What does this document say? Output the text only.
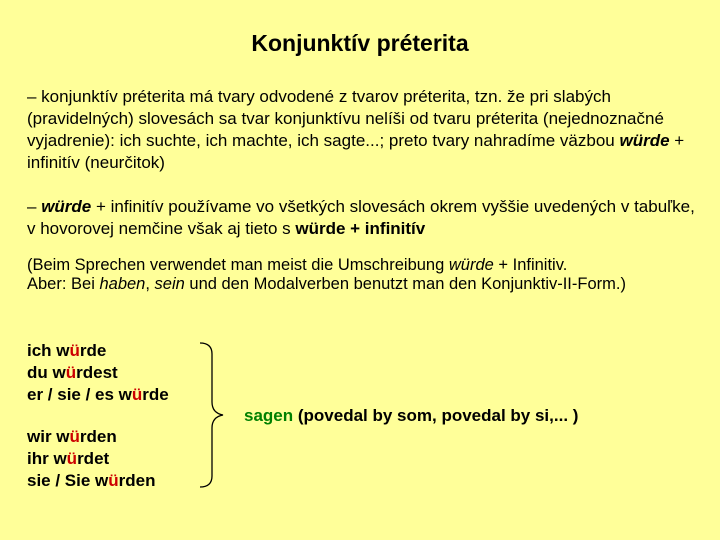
Konjunktív préterita
– konjunktív préterita má tvary odvodené z tvarov préterita, tzn. že pri slabých (pravidelných) slovesách sa tvar konjunktívu nelíši od tvaru préterita (nejednoznačné vyjadrenie): ich suchte, ich machte, ich sagte...; preto tvary nahradíme väzbou würde + infinitív (neurčitok)
– würde + infinitív používame vo všetkých slovesách okrem vyššie uvedených v tabuľke, v hovorovej nemčine však aj tieto s würde + infinitív
(Beim Sprechen verwendet man meist die Umschreibung würde + Infinitiv.
Aber: Bei haben, sein und den Modalverben benutzt man den Konjunktiv-II-Form.)
ich würde
du würdest
er / sie / es würde
wir würden
ihr würdet
sie / Sie würden
sagen (povedal by som, povedal by si,... )
